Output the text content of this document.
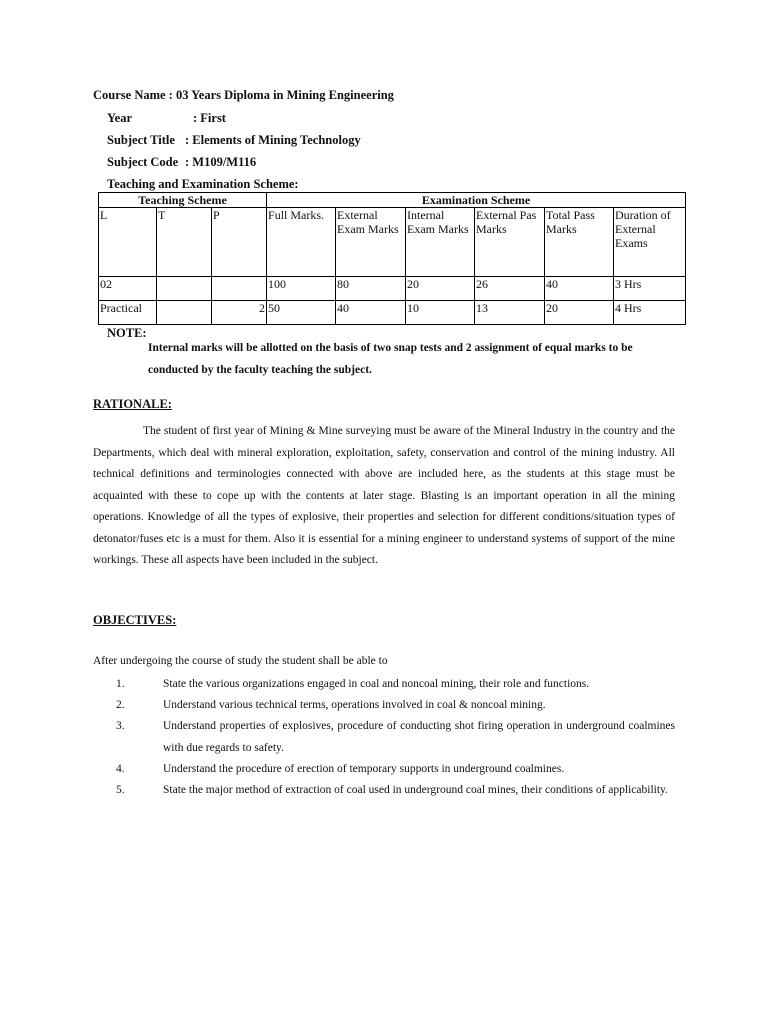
Course Name : 03 Years Diploma in Mining Engineering
Year	: First
Subject Title : Elements of Mining Technology
Subject Code : M109/M116
Teaching and Examination Scheme:
Teaching Scheme			Examination Scheme					
L	T	P	Full Marks.	External Exam Marks	Internal Exam Marks	External Pas Marks	Total Pass Marks	Duration of External Exams
02			100	80	20	26	40	3 Hrs
Practical		2	50	40	10	13	20	4 Hrs
NOTE:
Internal marks will be allotted on the basis of two snap tests and 2 assignment of equal marks to be conducted by the faculty teaching the subject.
RATIONALE:
The student of first year of Mining & Mine surveying must be aware of the Mineral Industry in the country and the Departments, which deal with mineral exploration, exploitation, safety, conservation and control of the mining industry. All technical definitions and terminologies connected with above are included here, as the students at this stage must be acquainted with these to cope up with the contents at later stage. Blasting is an important operation in all the mining operations. Knowledge of all the types of explosive, their properties and selection for different conditions/situation types of detonator/fuses etc is a must for them. Also it is essential for a mining engineer to understand systems of support of the mine workings. These all aspects have been included in the subject.
OBJECTIVES:
After undergoing the course of study the student shall be able to
1.	State the various organizations engaged in coal and noncoal mining, their role and functions.
2.	Understand various technical terms, operations involved in coal & noncoal mining.
3.	Understand properties of explosives, procedure of conducting shot firing operation in underground coalmines with due regards to safety.
4.	Understand the procedure of erection of temporary supports in underground coalmines.
5.	State the major method of extraction of coal used in underground coal mines, their conditions of applicability.
